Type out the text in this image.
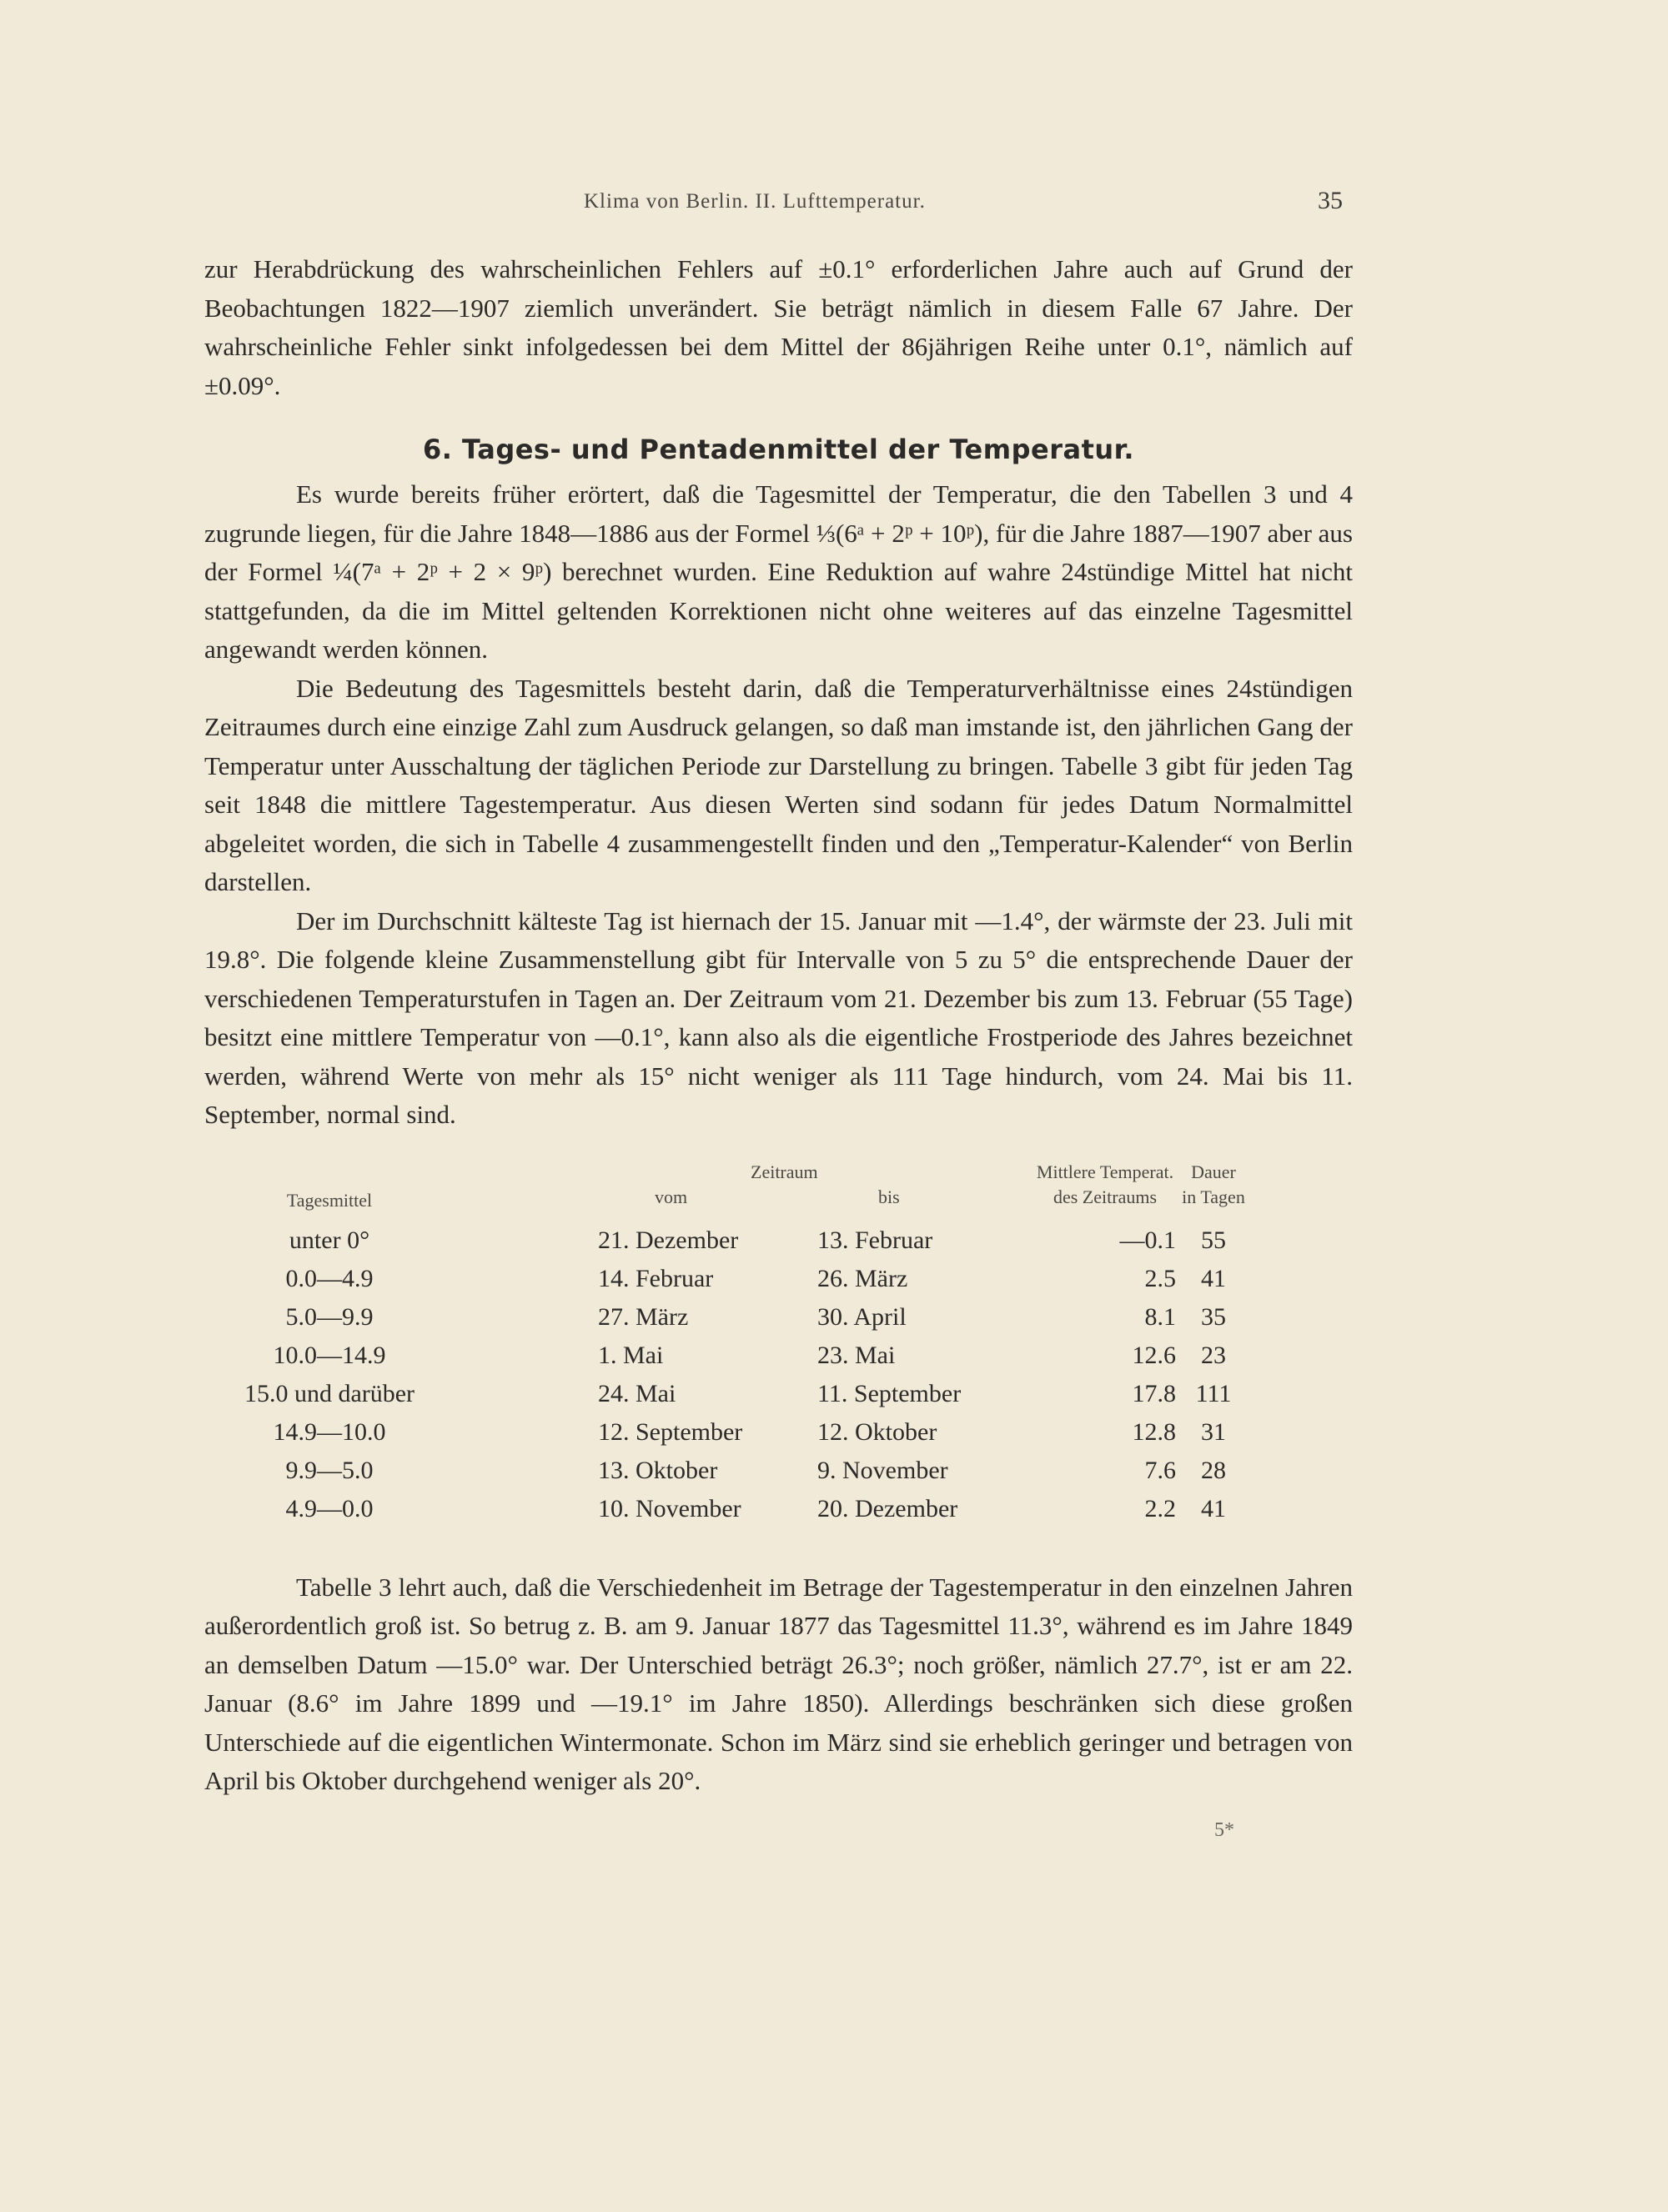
Klima von Berlin. II. Lufttemperatur.	35

zur Herabdrückung des wahrscheinlichen Fehlers auf ±0.1° erforderlichen Jahre auch auf Grund der Beobachtungen 1822—1907 ziemlich unverändert. Sie beträgt nämlich in diesem Falle 67 Jahre. Der wahrscheinliche Fehler sinkt infolgedessen bei dem Mittel der 86jährigen Reihe unter 0.1°, nämlich auf ±0.09°.

6. Tages- und Pentadenmittel der Temperatur.

Es wurde bereits früher erörtert, daß die Tagesmittel der Temperatur, die den Tabellen 3 und 4 zugrunde liegen, für die Jahre 1848—1886 aus der Formel ⅓(6ᵃ + 2ᵖ + 10ᵖ), für die Jahre 1887—1907 aber aus der Formel ¼(7ᵃ + 2ᵖ + 2 × 9ᵖ) berechnet wurden. Eine Reduktion auf wahre 24stündige Mittel hat nicht stattgefunden, da die im Mittel geltenden Korrektionen nicht ohne weiteres auf das einzelne Tagesmittel angewandt werden können.

Die Bedeutung des Tagesmittels besteht darin, daß die Temperaturverhältnisse eines 24stündigen Zeitraumes durch eine einzige Zahl zum Ausdruck gelangen, so daß man imstande ist, den jährlichen Gang der Temperatur unter Ausschaltung der täglichen Periode zur Darstellung zu bringen. Tabelle 3 gibt für jeden Tag seit 1848 die mittlere Tagestemperatur. Aus diesen Werten sind sodann für jedes Datum Normalmittel abgeleitet worden, die sich in Tabelle 4 zusammengestellt finden und den „Temperatur-Kalender“ von Berlin darstellen.

Der im Durchschnitt kälteste Tag ist hiernach der 15. Januar mit —1.4°, der wärmste der 23. Juli mit 19.8°. Die folgende kleine Zusammenstellung gibt für Intervalle von 5 zu 5° die entsprechende Dauer der verschiedenen Temperaturstufen in Tagen an. Der Zeitraum vom 21. Dezember bis zum 13. Februar (55 Tage) besitzt eine mittlere Temperatur von —0.1°, kann also als die eigentliche Frostperiode des Jahres bezeichnet werden, während Werte von mehr als 15° nicht weniger als 111 Tage hindurch, vom 24. Mai bis 11. September, normal sind.

Zeitraum	Mittlere Temperat. Dauer
Tagesmittel	vom	bis	des Zeitraums	in Tagen
unter 0°	21. Dezember	13. Februar	—0.1	55
0.0—4.9	14. Februar	26. März	2.5	41
5.0—9.9	27. März	30. April	8.1	35
10.0—14.9	1. Mai	23. Mai	12.6	23
15.0 und darüber	24. Mai	11. September	17.8 111
14.9—10.0	12. September	12. Oktober	12.8	31
9.9—5.0	13. Oktober	9. November	7.6	28
4.9—0.0	10. November	20. Dezember	2.2	41

Tabelle 3 lehrt auch, daß die Verschiedenheit im Betrage der Tagestemperatur in den einzelnen Jahren außerordentlich groß ist. So betrug z. B. am 9. Januar 1877 das Tagesmittel 11.3°, während es im Jahre 1849 an demselben Datum —15.0° war. Der Unterschied beträgt 26.3°; noch größer, nämlich 27.7°, ist er am 22. Januar (8.6° im Jahre 1899 und —19.1° im Jahre 1850). Allerdings beschränken sich diese großen Unterschiede auf die eigentlichen Wintermonate. Schon im März sind sie erheblich geringer und betragen von April bis Oktober durchgehend weniger als 20°.

5*
